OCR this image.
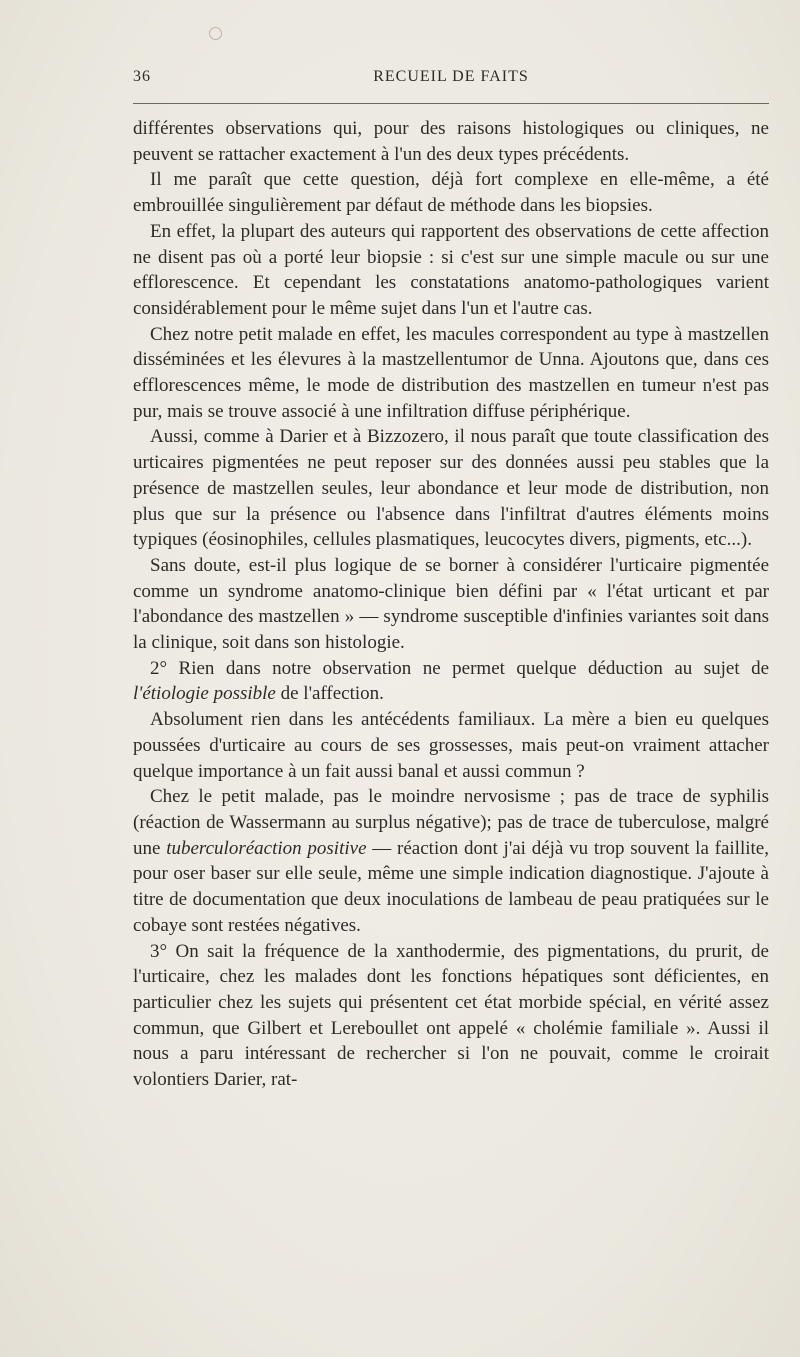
36	RECUEIL DE FAITS

différentes observations qui, pour des raisons histologiques ou cliniques, ne peuvent se rattacher exactement à l'un des deux types précédents.

Il me paraît que cette question, déjà fort complexe en elle-même, a été embrouillée singulièrement par défaut de méthode dans les biopsies.

En effet, la plupart des auteurs qui rapportent des observations de cette affection ne disent pas où a porté leur biopsie : si c'est sur une simple macule ou sur une efflorescence. Et cependant les constatations anatomo-pathologiques varient considérablement pour le même sujet dans l'un et l'autre cas.

Chez notre petit malade en effet, les macules correspondent au type à mastzellen disséminées et les élevures à la mastzellentumor de Unna. Ajoutons que, dans ces efflorescences même, le mode de distribution des mastzellen en tumeur n'est pas pur, mais se trouve associé à une infiltration diffuse périphérique.

Aussi, comme à Darier et à Bizzozero, il nous paraît que toute classification des urticaires pigmentées ne peut reposer sur des données aussi peu stables que la présence de mastzellen seules, leur abondance et leur mode de distribution, non plus que sur la présence ou l'absence dans l'infiltrat d'autres éléments moins typiques (éosinophiles, cellules plasmatiques, leucocytes divers, pigments, etc...).

Sans doute, est-il plus logique de se borner à considérer l'urticaire pigmentée comme un syndrome anatomo-clinique bien défini par « l'état urticant et par l'abondance des mastzellen » — syndrome susceptible d'infinies variantes soit dans la clinique, soit dans son histologie.

2° Rien dans notre observation ne permet quelque déduction au sujet de l'étiologie possible de l'affection.

Absolument rien dans les antécédents familiaux. La mère a bien eu quelques poussées d'urticaire au cours de ses grossesses, mais peut-on vraiment attacher quelque importance à un fait aussi banal et aussi commun ?

Chez le petit malade, pas le moindre nervosisme ; pas de trace de syphilis (réaction de Wassermann au surplus négative); pas de trace de tuberculose, malgré une tuberculoréaction positive — réaction dont j'ai déjà vu trop souvent la faillite, pour oser baser sur elle seule, même une simple indication diagnostique. J'ajoute à titre de documentation que deux inoculations de lambeau de peau pratiquées sur le cobaye sont restées négatives.

3° On sait la fréquence de la xanthodermie, des pigmentations, du prurit, de l'urticaire, chez les malades dont les fonctions hépatiques sont déficientes, en particulier chez les sujets qui présentent cet état morbide spécial, en vérité assez commun, que Gilbert et Lereboullet ont appelé « cholémie familiale ». Aussi il nous a paru intéressant de rechercher si l'on ne pouvait, comme le croirait volontiers Darier, rat-
